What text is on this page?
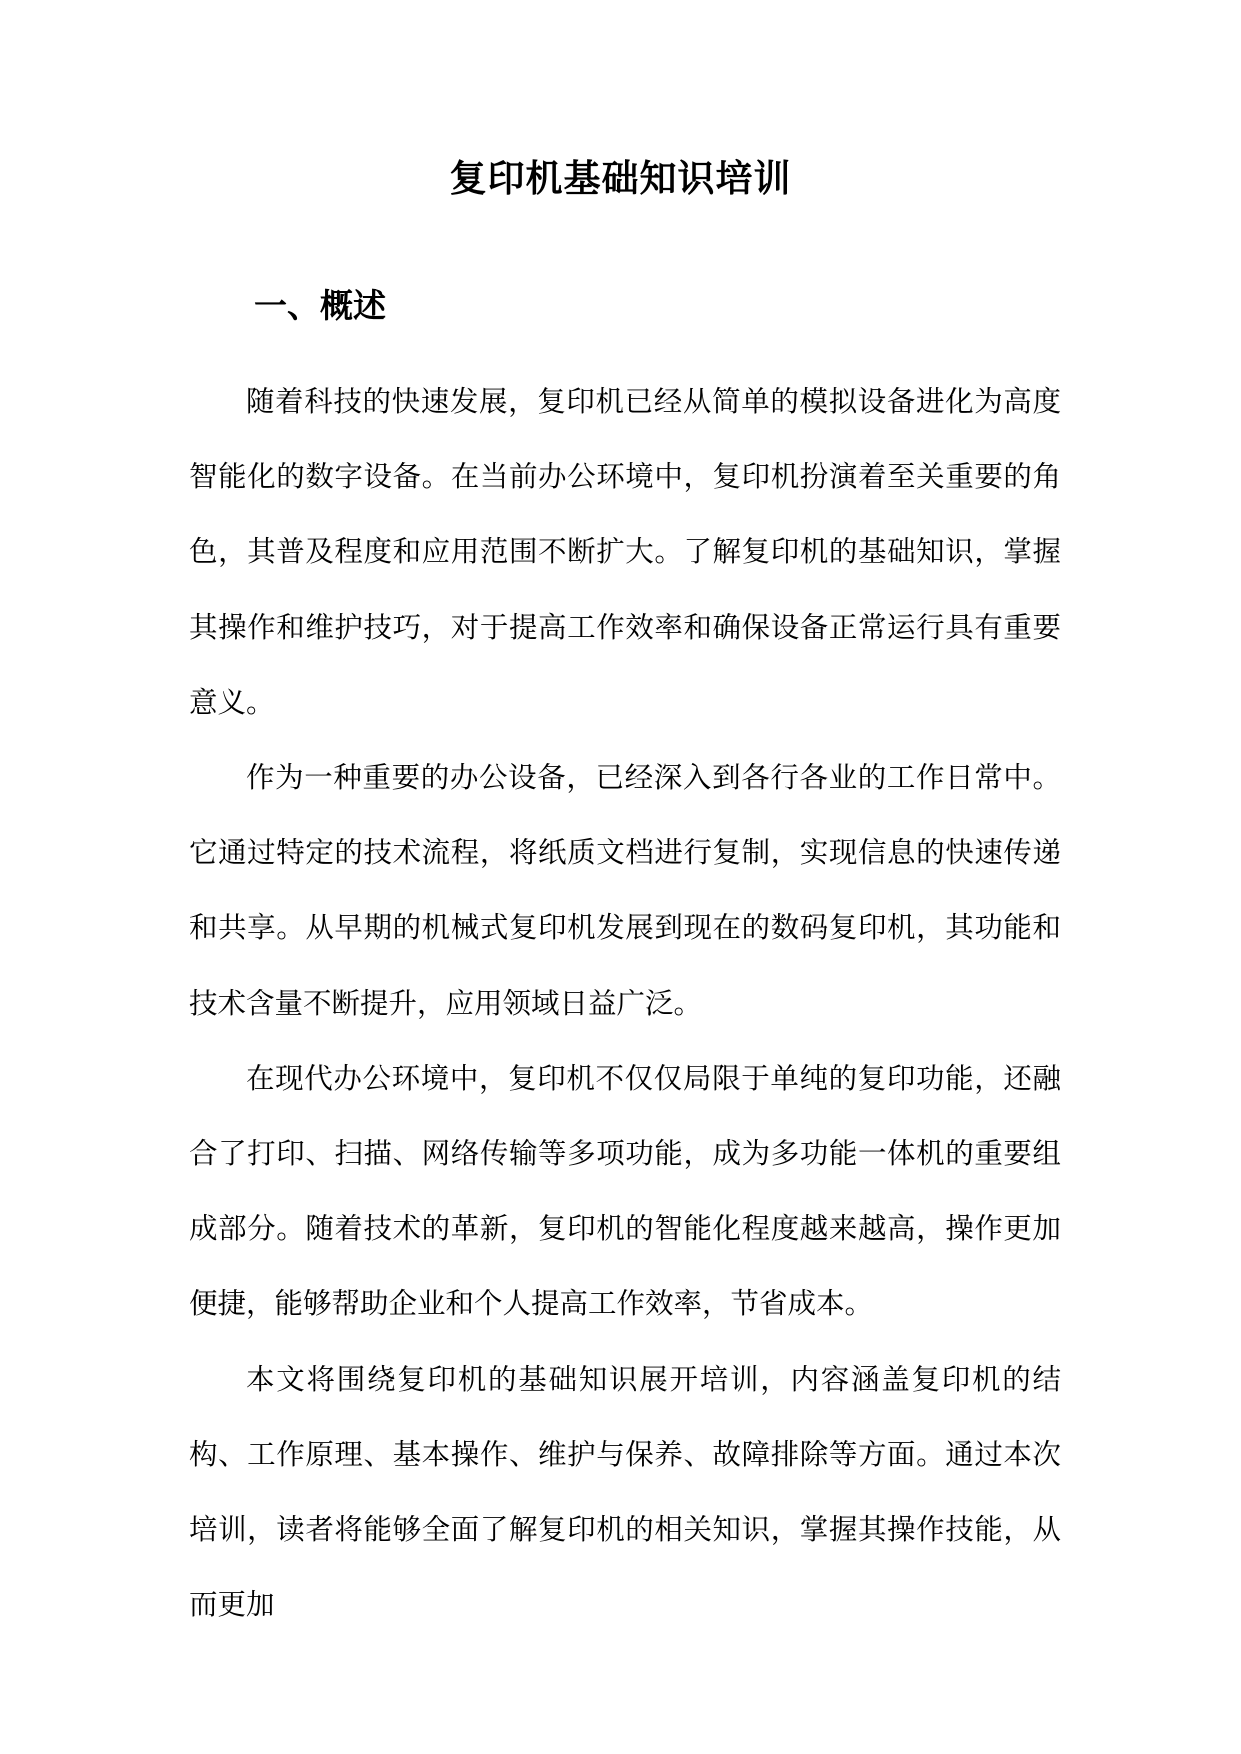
复印机基础知识培训
一、概述

随着科技的快速发展，复印机已经从简单的模拟设备进化为高度智能化的数字设备。在当前办公环境中，复印机扮演着至关重要的角色，其普及程度和应用范围不断扩大。了解复印机的基础知识，掌握其操作和维护技巧，对于提高工作效率和确保设备正常运行具有重要意义。

作为一种重要的办公设备，已经深入到各行各业的工作日常中。它通过特定的技术流程，将纸质文档进行复制，实现信息的快速传递和共享。从早期的机械式复印机发展到现在的数码复印机，其功能和技术含量不断提升，应用领域日益广泛。

在现代办公环境中，复印机不仅仅局限于单纯的复印功能，还融合了打印、扫描、网络传输等多项功能，成为多功能一体机的重要组成部分。随着技术的革新，复印机的智能化程度越来越高，操作更加便捷，能够帮助企业和个人提高工作效率，节省成本。

本文将围绕复印机的基础知识展开培训，内容涵盖复印机的结构、工作原理、基本操作、维护与保养、故障排除等方面。通过本次培训，读者将能够全面了解复印机的相关知识，掌握其操作技能，从而更加
